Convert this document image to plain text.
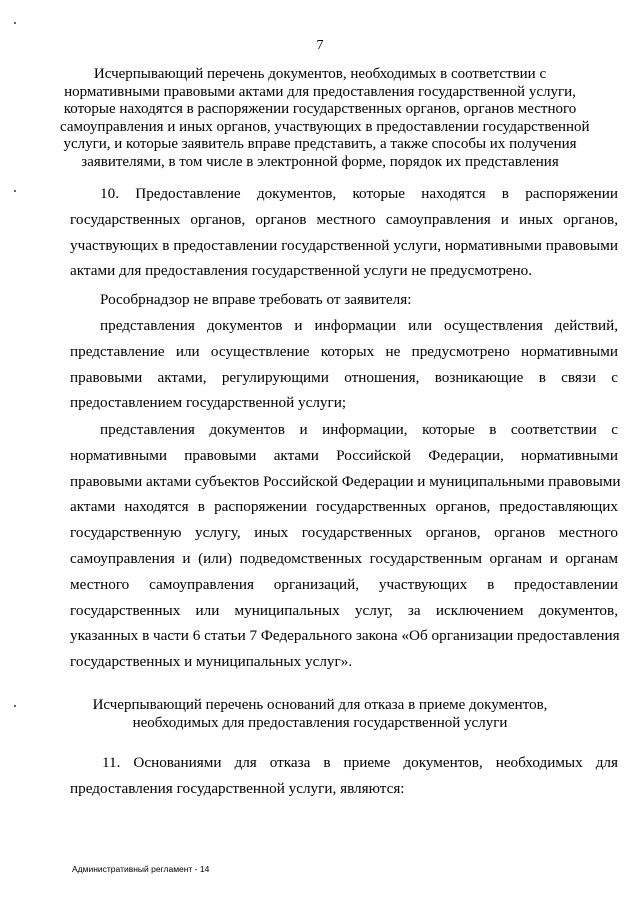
7
Исчерпывающий перечень документов, необходимых в соответствии с
нормативными правовыми актами для предоставления государственной услуги,
которые находятся в распоряжении государственных органов, органов местного
самоуправления и иных органов, участвующих в предоставлении государственной
услуги, и которые заявитель вправе представить, а также способы их получения
заявителями, в том числе в электронной форме, порядок их представления
10. Предоставление документов, которые находятся в распоряжении
государственных органов, органов местного самоуправления и иных органов,
участвующих в предоставлении государственной услуги, нормативными правовыми
актами для предоставления государственной услуги не предусмотрено.
Рособрнадзор не вправе требовать от заявителя:
представления документов и информации или осуществления действий,
представление или осуществление которых не предусмотрено нормативными
правовыми актами, регулирующими отношения, возникающие в связи с
предоставлением государственной услуги;
представления документов и информации, которые в соответствии с
нормативными правовыми актами Российской Федерации, нормативными
правовыми актами субъектов Российской Федерации и муниципальными правовыми
актами находятся в распоряжении государственных органов, предоставляющих
государственную услугу, иных государственных органов, органов местного
самоуправления и (или) подведомственных государственным органам и органам
местного самоуправления организаций, участвующих в предоставлении
государственных или муниципальных услуг, за исключением документов,
указанных в части 6 статьи 7 Федерального закона «Об организации предоставления
государственных и муниципальных услуг».
Исчерпывающий перечень оснований для отказа в приеме документов,
необходимых для предоставления государственной услуги
11. Основаниями для отказа в приеме документов, необходимых для
предоставления государственной услуги, являются:
Административный регламент - 14
